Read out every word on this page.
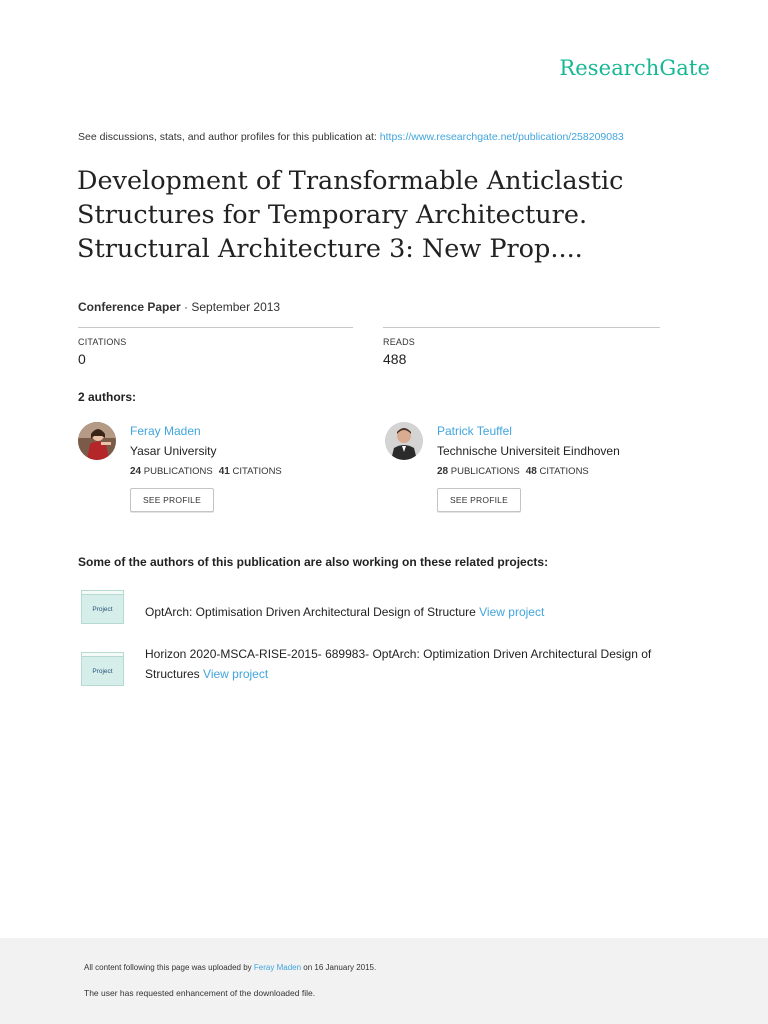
ResearchGate
See discussions, stats, and author profiles for this publication at: https://www.researchgate.net/publication/258209083
Development of Transformable Anticlastic
Structures for Temporary Architecture.
Structural Architecture 3: New Prop....
Conference Paper · September 2013
CITATIONS
0
READS
488
2 authors:
Feray Maden
Yasar University
24 PUBLICATIONS 41 CITATIONS
SEE PROFILE
Patrick Teuffel
Technische Universiteit Eindhoven
28 PUBLICATIONS 48 CITATIONS
SEE PROFILE
Some of the authors of this publication are also working on these related projects:
Project	OptArch: Optimisation Driven Architectural Design of Structure View project
Project
Horizon 2020-MSCA-RISE-2015- 689983- OptArch: Optimization Driven Architectural Design of
Structures View project
All content following this page was uploaded by Feray Maden on 16 January 2015.
The user has requested enhancement of the downloaded file.
